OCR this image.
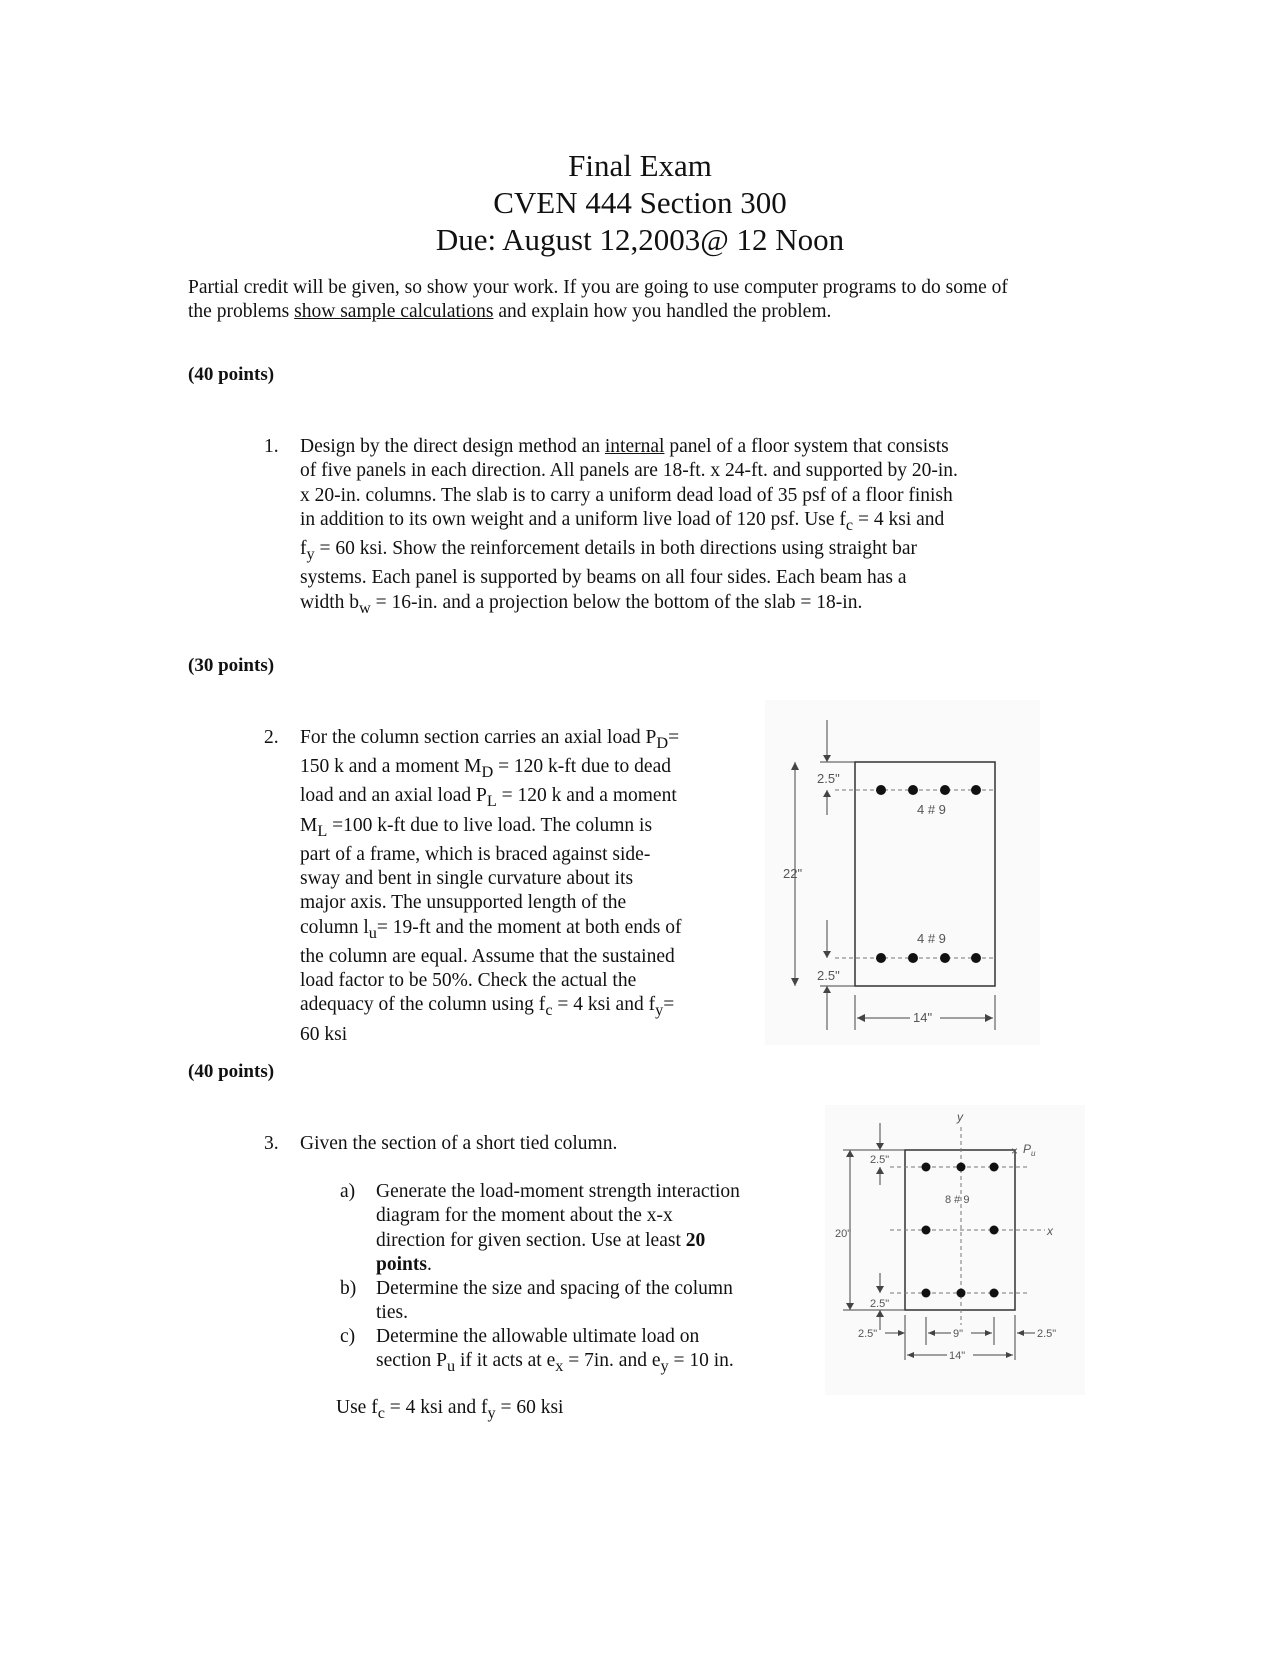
Final Exam
CVEN 444 Section 300
Due: August 12,2003@ 12 Noon
Partial credit will be given, so show your work. If you are going to use computer programs to do some of
the problems show sample calculations and explain how you handled the problem.
(40 points)
1. Design by the direct design method an internal panel of a floor system that consists
of five panels in each direction. All panels are 18-ft. x 24-ft. and supported by 20-in.
x 20-in. columns. The slab is to carry a uniform dead load of 35 psf of a floor finish
in addition to its own weight and a uniform live load of 120 psf. Use $f_c = 4$ ksi and
$f_y = 60$ ksi. Show the reinforcement details in both directions using straight bar
systems. Each panel is supported by beams on all four sides. Each beam has a
width $b_w = 16-in$. and a projection below the bottom of the slab = 18-in.
(30 points)
2. For the column section carries an axial load $P_D=$
150 k and a moment $M_D = 120$ k-ft due to dead
load and an axial load $P_L = 120$ k and a moment
$M_L =100$ k-ft due to live load. The column is
part of a frame, which is braced against side-
sway and bent in single curvature about its
major axis. The unsupported length of the
column $l_u= 19-ft$ and the moment at both ends of
the column are equal. Assume that the sustained
load factor to be 50%. Check the actual the
adequacy of the column using $f_c = 4$ ksi and $f_y=$
60 ksi
2.5"
22"
2.5"
14"
4 # 9
4 # 9
(40 points)
3. Given the section of a short tied column.
a) Generate the load-moment strength interaction
diagram for the moment about the x-x
direction for given section. Use at least 20
points.
b) Determine the size and spacing of the column
ties.
c) Determine the allowable ultimate load on
section $P_u$ if it acts at $e_x = 7in$. and $e_y = 10$ in.
Use $f_c = 4$ ksi and $f_y = 60$ ksi
y
x
× $P_u$
8 # 9
2.5"
20"
2.5"
2.5"	9"	2.5"
14"
